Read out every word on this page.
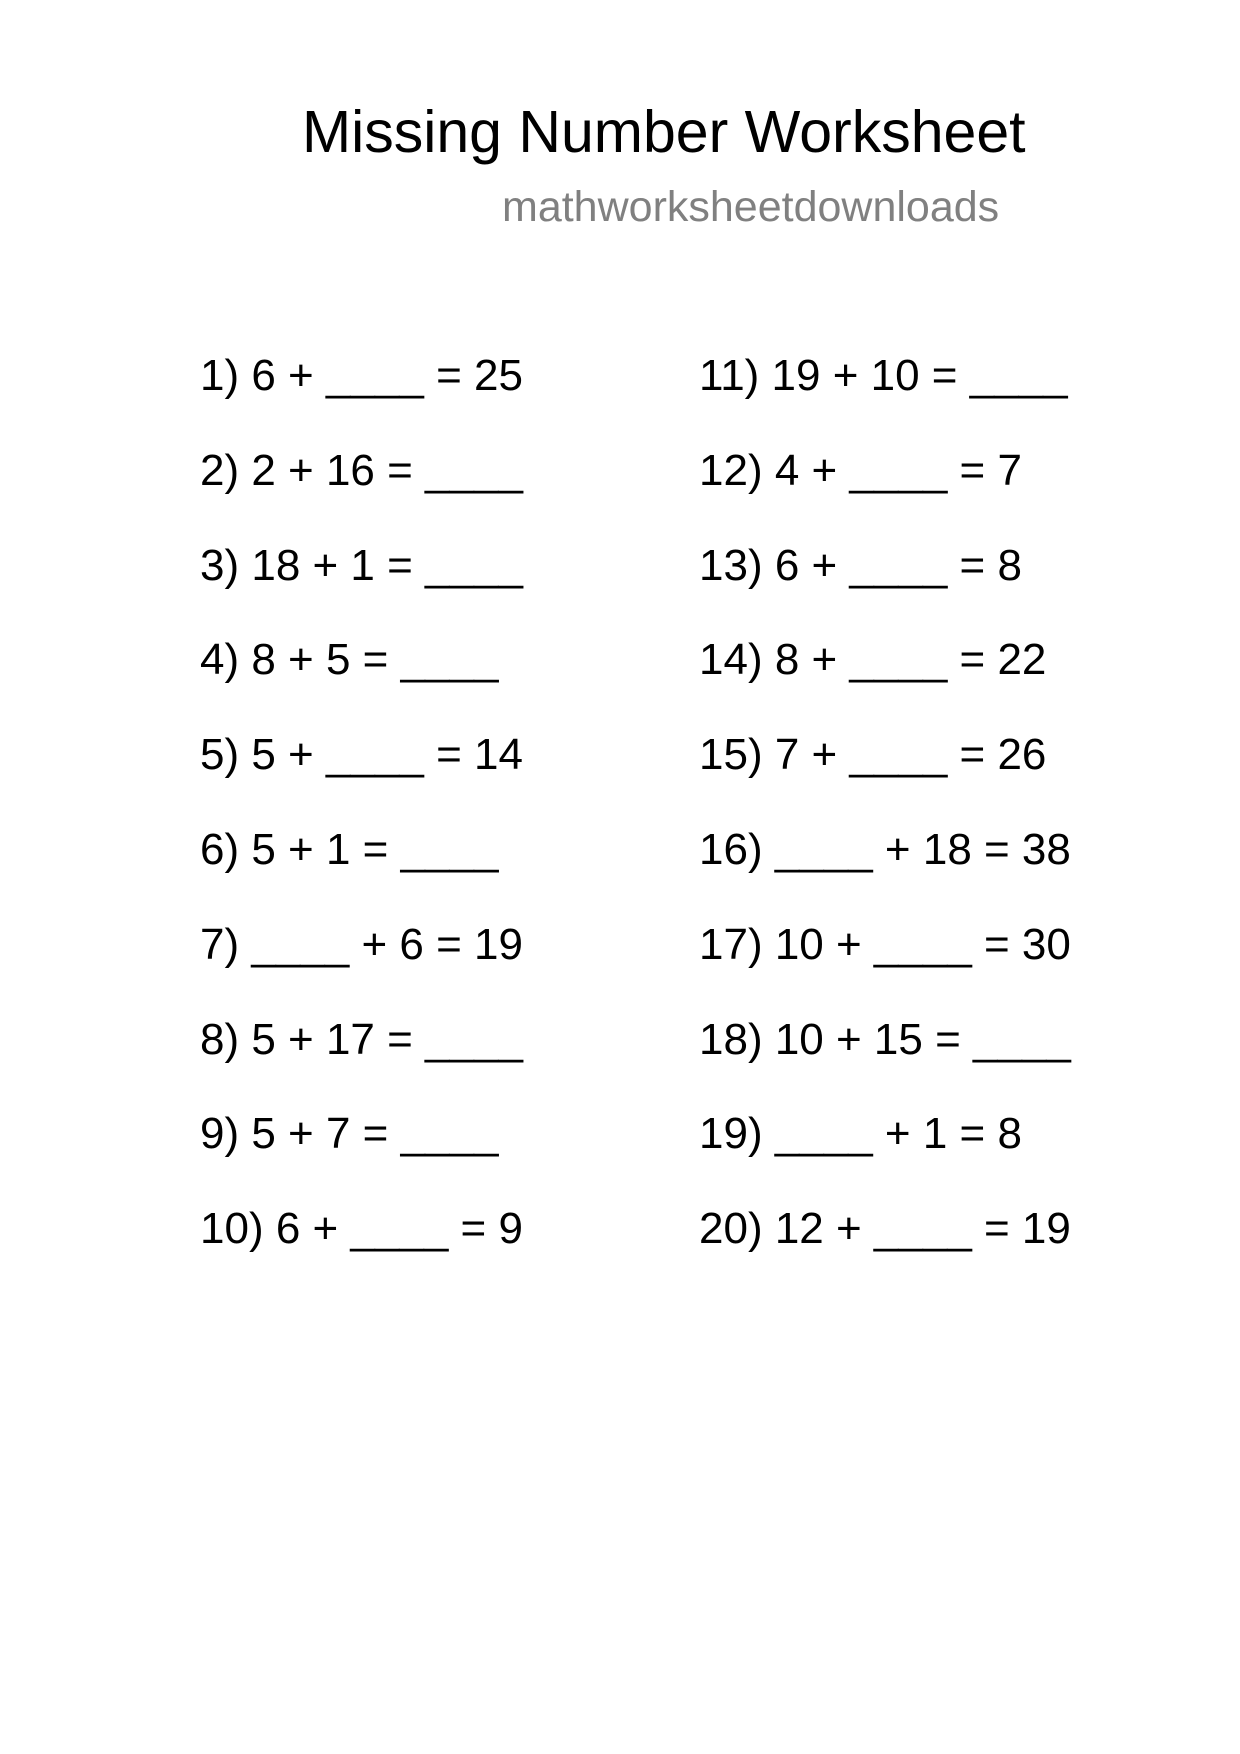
Missing Number Worksheet
mathworksheetdownloads
1) 6 + ____ = 25
2) 2 + 16 = ____
3) 18 + 1 = ____
4) 8 + 5 = ____
5) 5 + ____ = 14
6) 5 + 1 = ____
7) ____ + 6 = 19
8) 5 + 17 = ____
9) 5 + 7 = ____
10) 6 + ____ = 9
11) 19 + 10 = ____
12) 4 + ____ = 7
13) 6 + ____ = 8
14) 8 + ____ = 22
15) 7 + ____ = 26
16) ____ + 18 = 38
17) 10 + ____ = 30
18) 10 + 15 = ____
19) ____ + 1 = 8
20) 12 + ____ = 19
